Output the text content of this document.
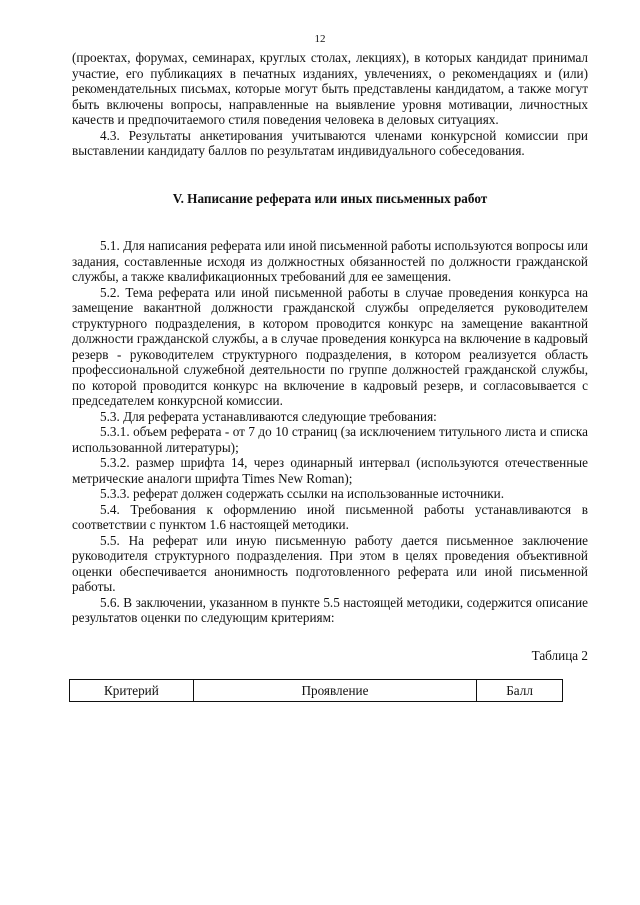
12

(проектах, форумах, семинарах, круглых столах, лекциях), в которых кандидат принимал участие, его публикациях в печатных изданиях, увлечениях, о рекомендациях и (или) рекомендательных письмах, которые могут быть представлены кандидатом, а также могут быть включены вопросы, направленные на выявление уровня мотивации, личностных качеств и предпочитаемого стиля поведения человека в деловых ситуациях.

4.3. Результаты анкетирования учитываются членами конкурсной комиссии при выставлении кандидату баллов по результатам индивидуального собеседования.

V. Написание реферата или иных письменных работ

5.1. Для написания реферата или иной письменной работы используются вопросы или задания, составленные исходя из должностных обязанностей по должности гражданской службы, а также квалификационных требований для ее замещения.

5.2. Тема реферата или иной письменной работы в случае проведения конкурса на замещение вакантной должности гражданской службы определяется руководителем структурного подразделения, в котором проводится конкурс на замещение вакантной должности гражданской службы, а в случае проведения конкурса на включение в кадровый резерв - руководителем структурного подразделения, в котором реализуется область профессиональной служебной деятельности по группе должностей гражданской службы, по которой проводится конкурс на включение в кадровый резерв, и согласовывается с председателем конкурсной комиссии.

5.3. Для реферата устанавливаются следующие требования:

5.3.1. объем реферата - от 7 до 10 страниц (за исключением титульного листа и списка использованной литературы);

5.3.2. размер шрифта 14, через одинарный интервал (используются отечественные метрические аналоги шрифта Times New Roman);

5.3.3. реферат должен содержать ссылки на использованные источники.

5.4. Требования к оформлению иной письменной работы устанавливаются в соответствии с пунктом 1.6 настоящей методики.

5.5. На реферат или иную письменную работу дается письменное заключение руководителя структурного подразделения. При этом в целях проведения объективной оценки обеспечивается анонимность подготовленного реферата или иной письменной работы.

5.6. В заключении, указанном в пункте 5.5 настоящей методики, содержится описание результатов оценки по следующим критериям:

Таблица 2

Критерий	Проявление	Балл
